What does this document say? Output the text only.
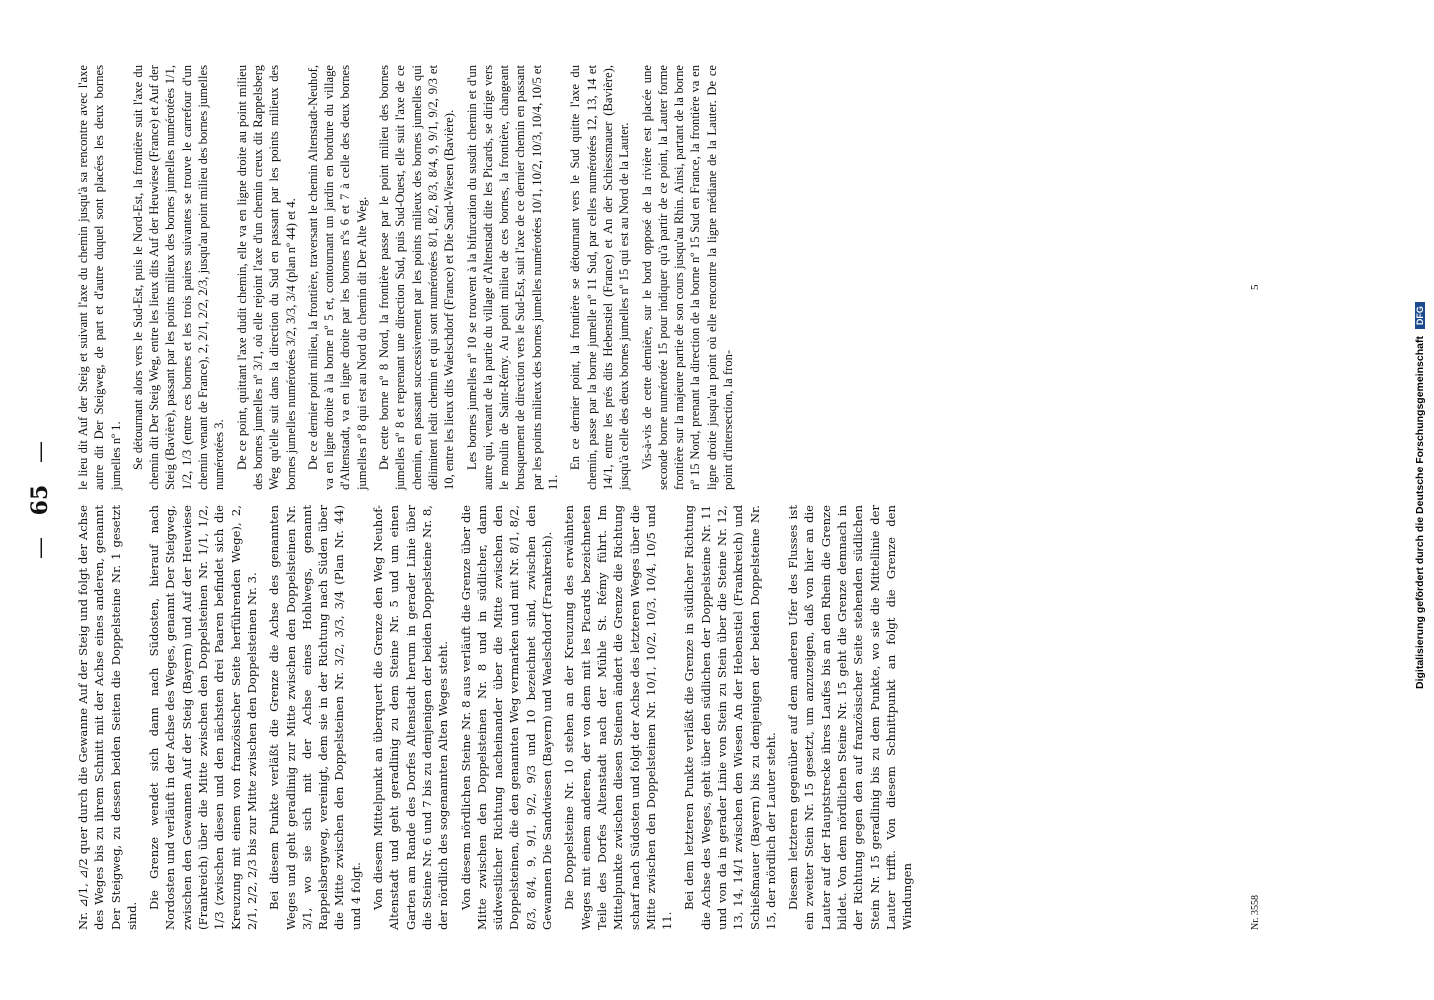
— 65 —

Nr. ⊿/1, ⊿/2 quer durch die Gewanne Auf der Steig und folgt der Achse des Weges bis zu ihrem Schnitt mit der Achse eines anderen, genannt Der Steigweg, zu dessen beiden Seiten die Doppelsteine Nr. 1 gesetzt sind.

Die Grenze wendet sich dann nach Südosten, hierauf nach Nordosten und verläuft in der Achse des Weges, genannt Der Steigweg, zwischen den Gewannen Auf der Steig (Bayern) und Auf der Heuwiese (Frankreich) über die Mitte zwischen den Doppelsteinen Nr. 1/1, 1/2, 1/3 (zwischen diesen und den nächsten drei Paaren befindet sich die Kreuzung mit einem von französischer Seite herführenden Wege), 2, 2/1, 2/2, 2/3 bis zur Mitte zwischen den Doppelsteinen Nr. 3. Bei diesem Punkte verläßt die Grenze die Achse des genannten Weges und geht geradlinig zur Mitte zwischen den Doppelsteinen Nr. 3/1, wo sie sich mit der Achse eines Hohlwegs, genannt Rappelsbergweg, vereinigt, dem sie in der Richtung nach Süden über die Mitte zwischen den Doppelsteinen Nr. 3/2, 3/3, 3/4 (Plan Nr. 44) und 4 folgt. Von diesem Mittelpunkt an überquert die Grenze den Weg Neuhof-Altenstadt und geht geradlinig zu dem Steine Nr. 5 und um einen Garten am Rande des Dorfes Altenstadt herum in gerader Linie über die Steine Nr. 6 und 7 bis zu demjenigen der beiden Doppelsteine Nr. 8, der nördlich des sogenannten Alten Weges steht. Von diesem nördlichen Steine Nr. 8 aus verläuft die Grenze über die Mitte zwischen den Doppelsteinen Nr. 8 und in südlicher, dann südwestlicher Richtung nacheinander über die Mitte zwischen den Doppelsteinen, die den genannten Weg vermarken und mit Nr. 8/1, 8/2, 8/3, 8/4, 9, 9/1, 9/2, 9/3 und 10 bezeichnet sind, zwischen den Gewannen Die Sandwiesen (Bayern) und Waelschdorf (Frankreich). Die Doppelsteine Nr. 10 stehen an der Kreuzung des erwähnten Weges mit einem anderen, der von dem mit les Picards bezeichneten Teile des Dorfes Altenstadt nach der Mühle St. Rémy führt. Im Mittelpunkte zwischen diesen Steinen ändert die Grenze die Richtung scharf nach Südosten und folgt der Achse des letzteren Weges über die Mitte zwischen den Doppelsteinen Nr. 10/1, 10/2, 10/3, 10/4, 10/5 und 11.

Bei dem letzteren Punkte verläßt die Grenze in südlicher Richtung die Achse des Weges, geht über den südlichen der Doppelsteine Nr. 11 und von da in gerader Linie von Stein zu Stein über die Steine Nr. 12, 13, 14, 14/1 zwischen den Wiesen An der Hebenstiel (Frankreich) und Schießmauer (Bayern) bis zu demjenigen der beiden Doppelsteine Nr. 15, der nördlich der Lauter steht. Diesem letzteren gegenüber auf dem anderen Ufer des Flusses ist ein zweiter Stein Nr. 15 gesetzt, um anzuzeigen, daß von hier an die Lauter auf der Hauptstrecke ihres Laufes bis an den Rhein die Grenze bildet. Von dem nördlichen Steine Nr. 15 geht die Grenze demnach in der Richtung gegen den auf französischer Seite stehenden südlichen Stein Nr. 15 geradlinig bis zu dem Punkte, wo sie die Mittellinie der Lauter trifft. Von diesem Schnittpunkt an folgt die Grenze den Windungen

le lieu dit Auf der Steig et suivant l'axe du chemin jusqu'à sa rencontre avec l'axe autre dit Der Steigweg, de part et d'autre duquel sont placées les deux bornes jumelles nº 1. Se détournant alors vers le Sud-Est, puis le Nord-Est, la frontière suit l'axe du chemin dit Der Steig Weg, entre les lieux dits Auf der Heuwiese (France) et Auf der Steig (Bavière), passant par les points milieux des bornes jumelles numérotées 1/1, 1/2, 1/3 (entre ces bornes et les trois paires suivantes se trouve le carrefour d'un chemin venant de France), 2, 2/1, 2/2, 2/3, jusqu'au point milieu des bornes jumelles numérotées 3. De ce point, quittant l'axe dudit chemin, elle va en ligne droite au point milieu des bornes jumelles nº 3/1, où elle rejoint l'axe d'un chemin creux dit Rappelsberg Weg qu'elle suit dans la direction du Sud en passant par les points milieux des bornes jumelles numérotées 3/2, 3/3, 3/4 (plan nº 44) et 4. De ce dernier point milieu, la frontière, traversant le chemin Altenstadt-Neuhof, va en ligne droite à la borne nº 5 et, contournant un jardin en bordure du village d'Altenstadt, va en ligne droite par les bornes nºs 6 et 7 à celle des deux bornes jumelles nº 8 qui est au Nord du chemin dit Der Alte Weg. De cette borne nº 8 Nord, la frontière passe par le point milieu des bornes jumelles nº 8 et reprenant une direction Sud, puis Sud-Ouest, elle suit l'axe de ce chemin, en passant successivement par les points milieux des bornes jumelles qui délimitent ledit chemin et qui sont numérotées 8/1, 8/2, 8/3, 8/4, 9, 9/1, 9/2, 9/3 et 10, entre les lieux dits Waelschdorf (France) et Die Sand-Wiesen (Bavière). Les bornes jumelles nº 10 se trouvent à la bifurcation du susdit chemin et d'un autre qui, venant de la partie du village d'Altenstadt dite les Picards, se dirige vers le moulin de Saint-Rémy. Au point milieu de ces bornes, la frontière, changeant brusquement de direction vers le Sud-Est, suit l'axe de ce dernier chemin en passant par les points milieux des bornes jumelles numérotées 10/1, 10/2, 10/3, 10/4, 10/5 et 11.

En ce dernier point, la frontière se détournant vers le Sud quitte l'axe du chemin, passe par la borne jumelle nº 11 Sud, par celles numérotées 12, 13, 14 et 14/1, entre les prés dits Hebenstiel (France) et An der Schiessmauer (Bavière), jusqu'à celle des deux bornes jumelles nº 15 qui est au Nord de la Lauter. Vis-à-vis de cette dernière, sur le bord opposé de la rivière est placée une seconde borne numérotée 15 pour indiquer qu'à partir de ce point, la Lauter forme frontière sur la majeure partie de son cours jusqu'au Rhin. Ainsi, partant de la borne nº 15 Nord, prenant la direction de la borne nº 15 Sud en France, la frontière va en ligne droite jusqu'au point où elle rencontre la ligne médiane de la Lauter. De ce point d'intersection, la fron-

Nr. 3558
5
Digitalisierung gefördert durch die Deutsche Forschungsgemeinschaft DFG
